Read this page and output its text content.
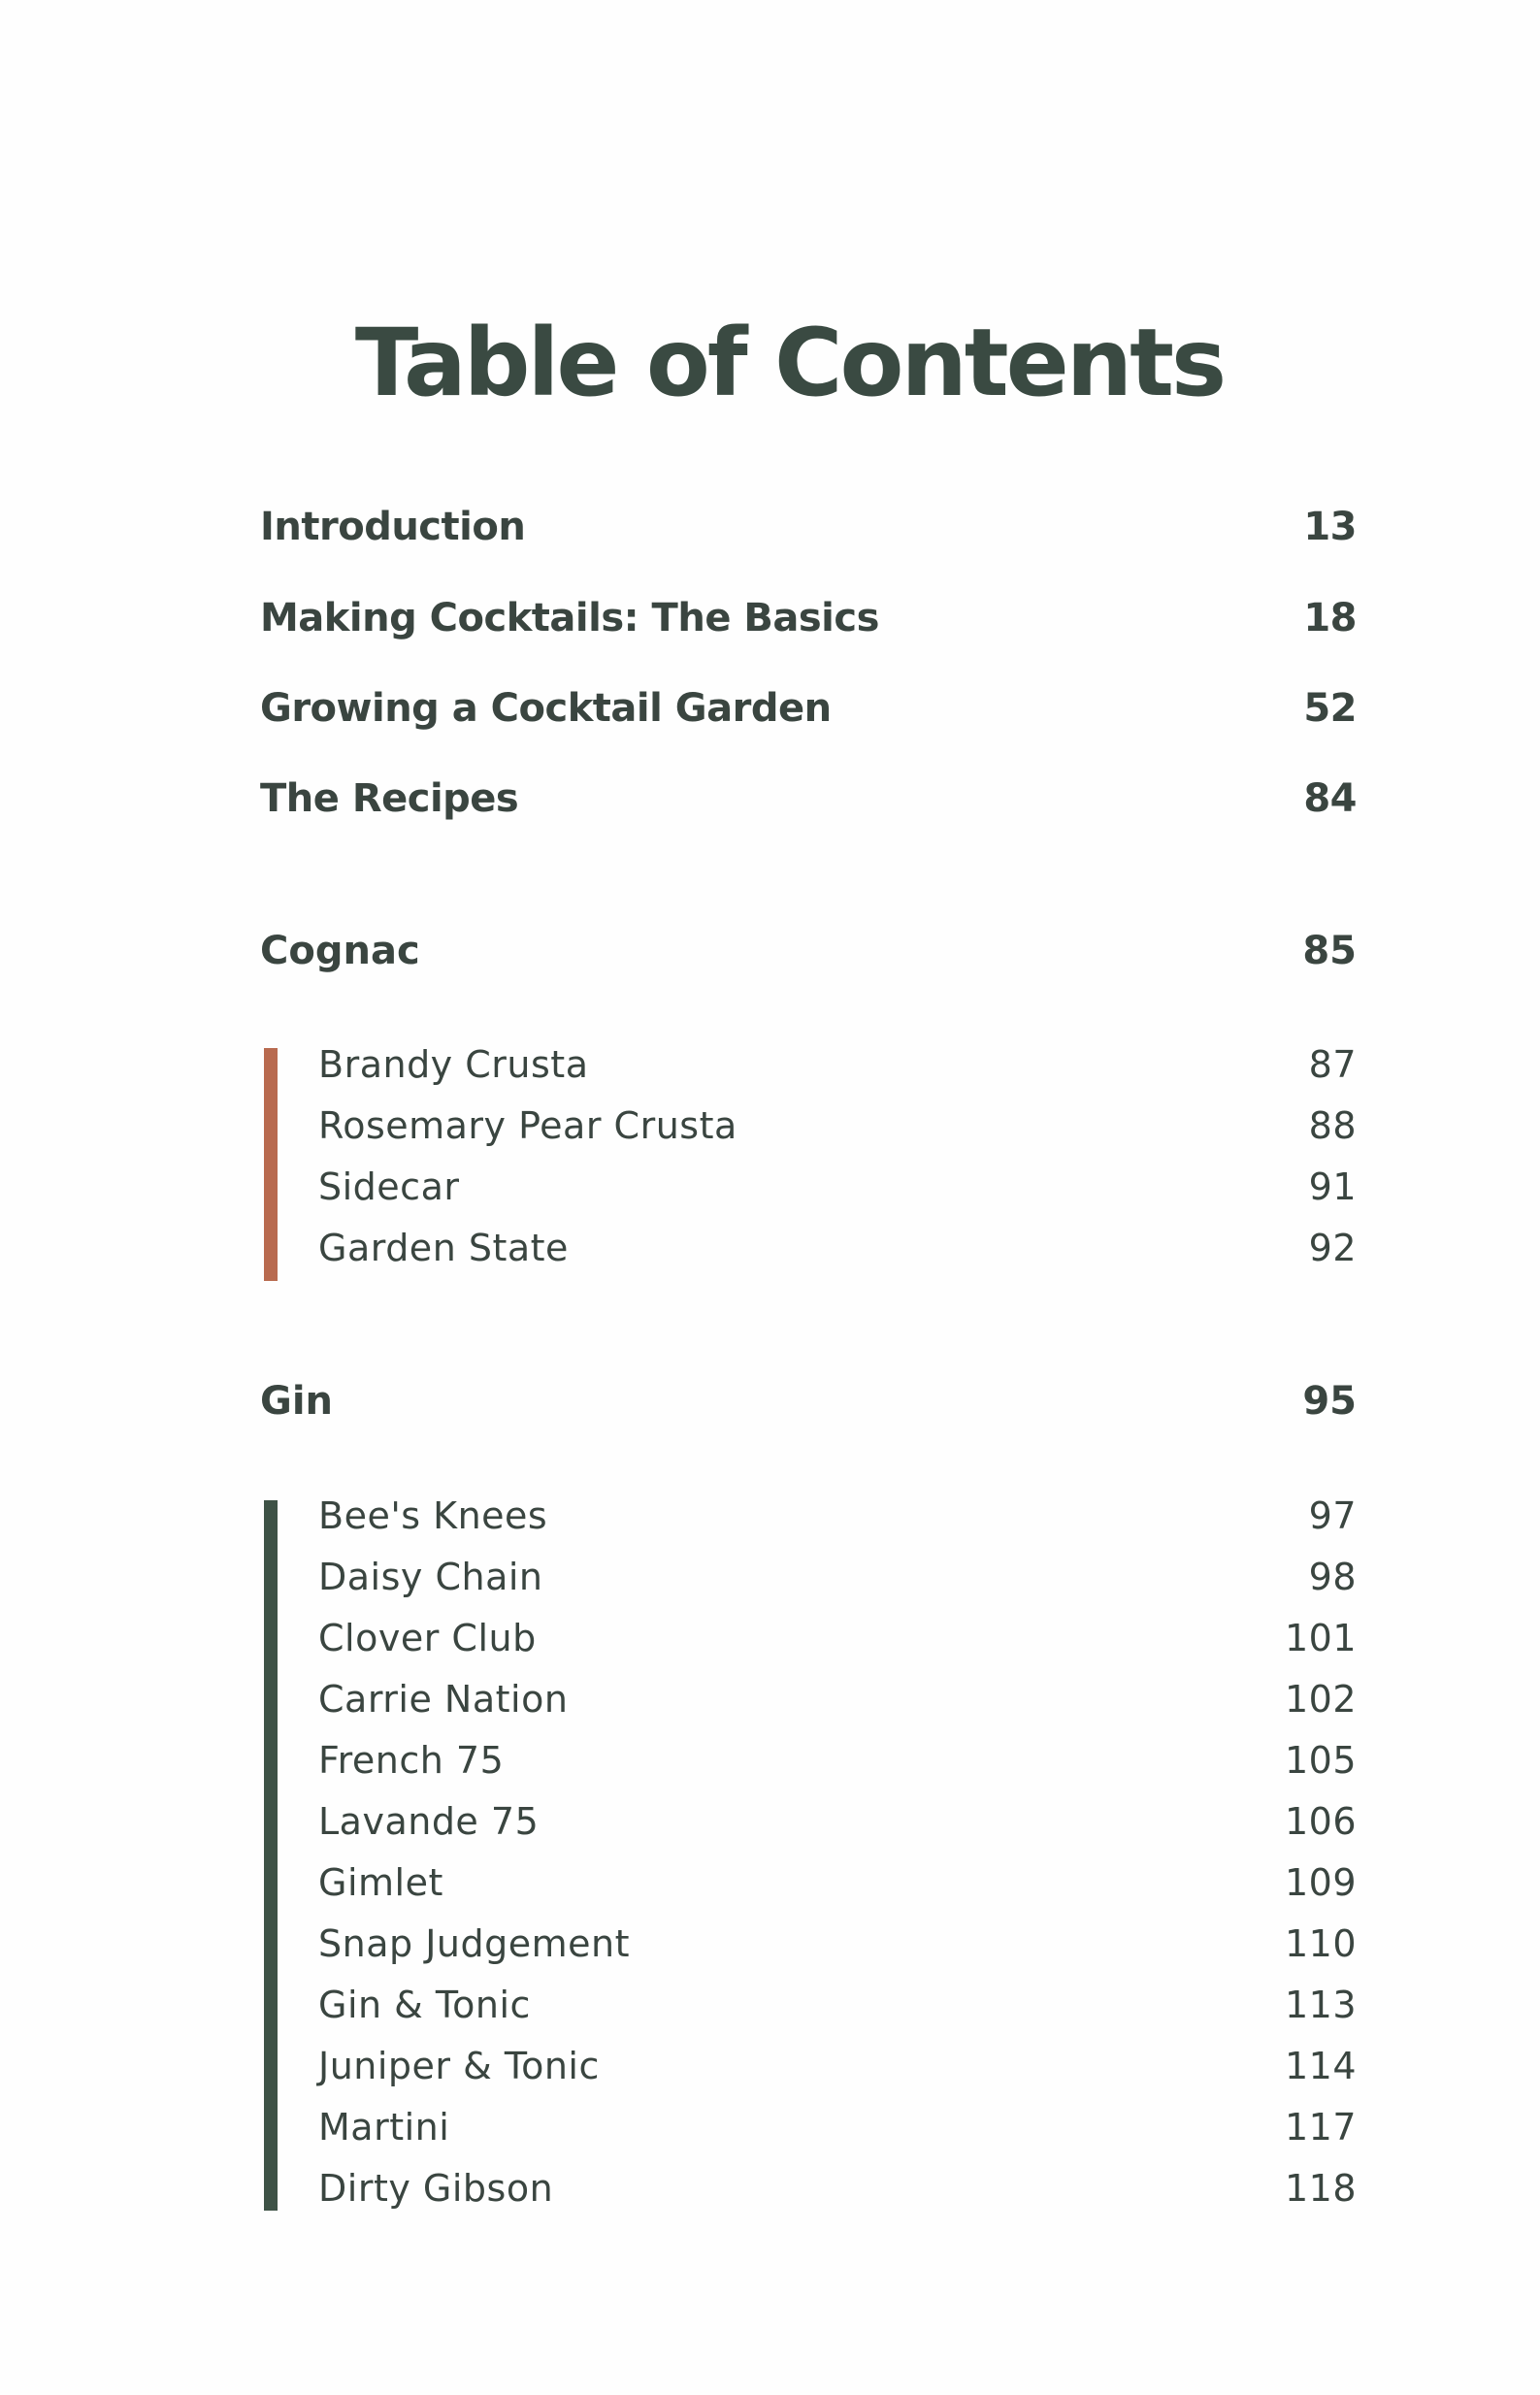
Table of Contents
Introduction	13
Making Cocktails: The Basics	18
Growing a Cocktail Garden	52
The Recipes	84
Cognac	85
Brandy Crusta	87
Rosemary Pear Crusta	88
Sidecar	91
Garden State	92
Gin	95
Bee's Knees	97
Daisy Chain	98
Clover Club	101
Carrie Nation	102
French 75	105
Lavande 75	106
Gimlet	109
Snap Judgement	110
Gin & Tonic	113
Juniper & Tonic	114
Martini	117
Dirty Gibson	118
